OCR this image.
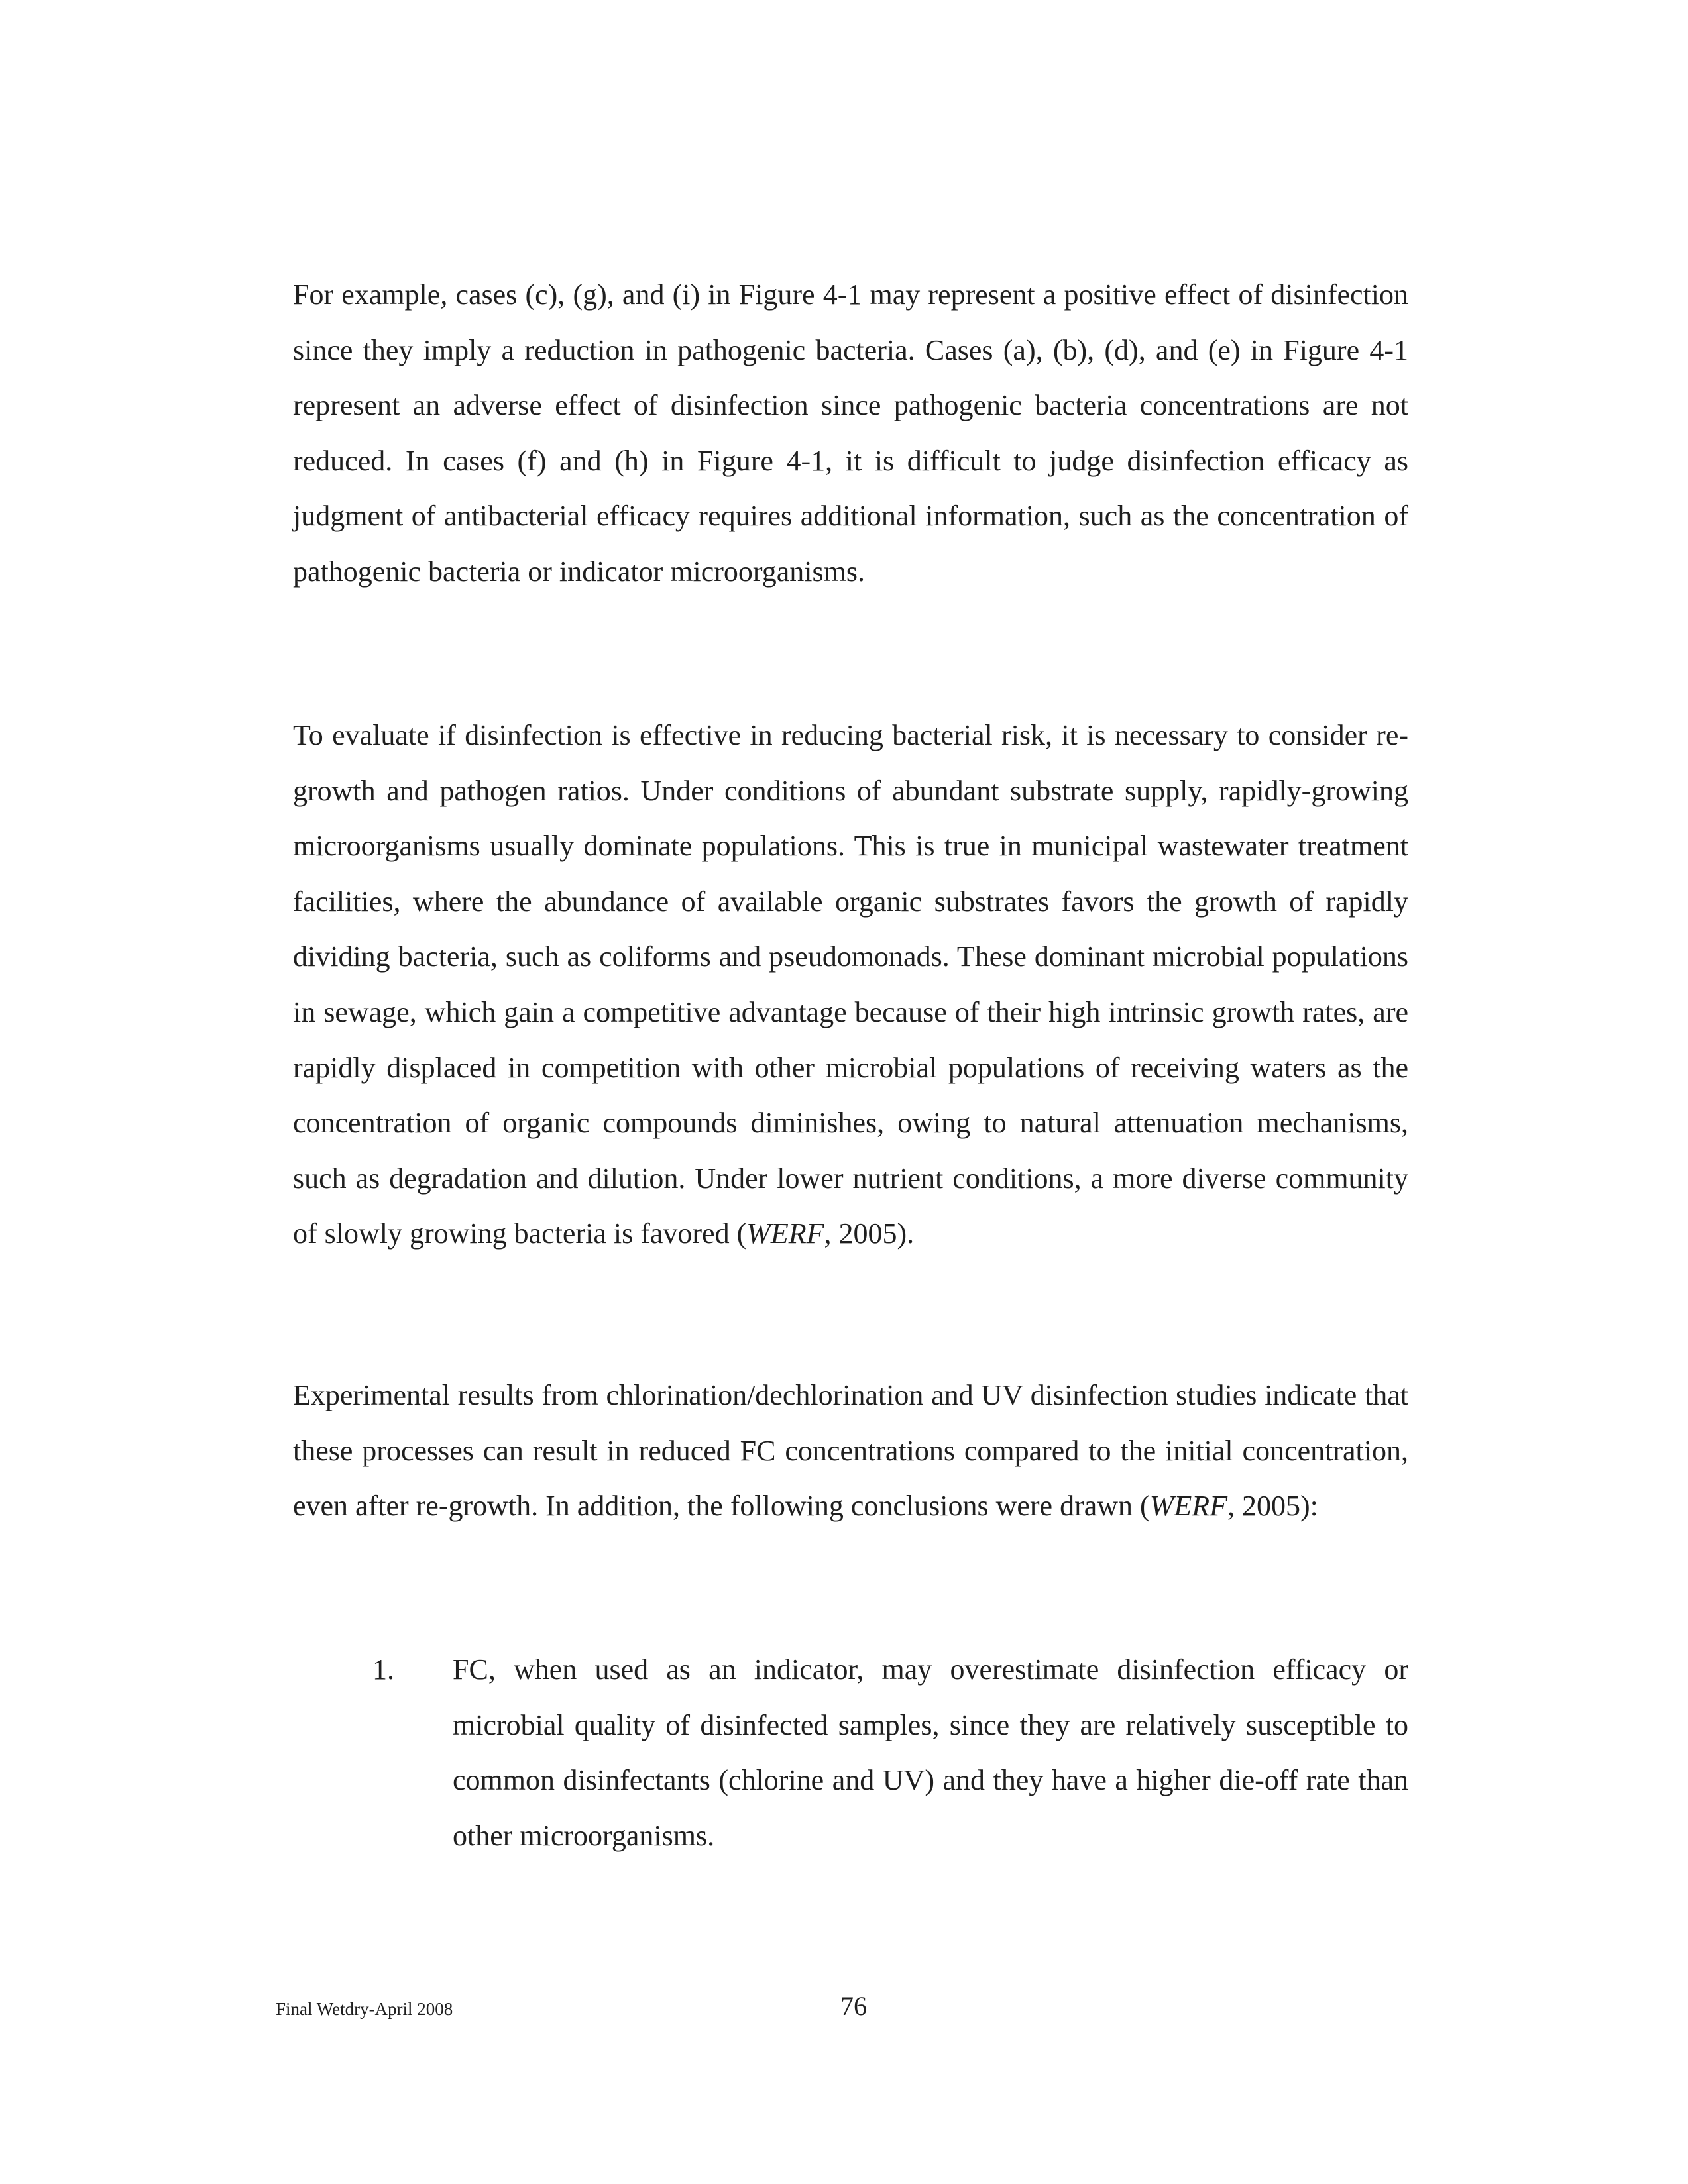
For example, cases (c), (g), and (i) in Figure 4-1 may represent a positive effect of disinfection since they imply a reduction in pathogenic bacteria. Cases (a), (b), (d), and (e) in Figure 4-1 represent an adverse effect of disinfection since pathogenic bacteria concentrations are not reduced. In cases (f) and (h) in Figure 4-1, it is difficult to judge disinfection efficacy as judgment of antibacterial efficacy requires additional information, such as the concentration of pathogenic bacteria or indicator microorganisms.

To evaluate if disinfection is effective in reducing bacterial risk, it is necessary to consider re-growth and pathogen ratios. Under conditions of abundant substrate supply, rapidly-growing microorganisms usually dominate populations. This is true in municipal wastewater treatment facilities, where the abundance of available organic substrates favors the growth of rapidly dividing bacteria, such as coliforms and pseudomonads. These dominant microbial populations in sewage, which gain a competitive advantage because of their high intrinsic growth rates, are rapidly displaced in competition with other microbial populations of receiving waters as the concentration of organic compounds diminishes, owing to natural attenuation mechanisms, such as degradation and dilution. Under lower nutrient conditions, a more diverse community of slowly growing bacteria is favored (WERF, 2005).

Experimental results from chlorination/dechlorination and UV disinfection studies indicate that these processes can result in reduced FC concentrations compared to the initial concentration, even after re-growth. In addition, the following conclusions were drawn (WERF, 2005):

1. FC, when used as an indicator, may overestimate disinfection efficacy or microbial quality of disinfected samples, since they are relatively susceptible to common disinfectants (chlorine and UV) and they have a higher die-off rate than other microorganisms.

Final Wetdry-April 2008	76
